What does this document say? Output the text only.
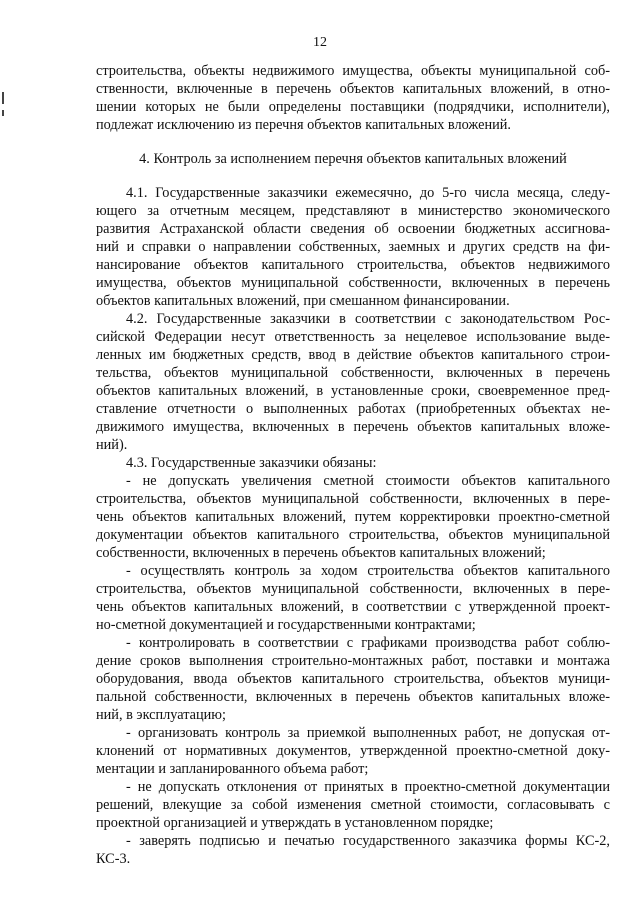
12
строительства, объекты недвижимого имущества, объекты муниципальной соб-
ственности, включенные в перечень объектов капитальных вложений, в отно-
шении которых не были определены поставщики (подрядчики, исполнители),
подлежат исключению из перечня объектов капитальных вложений.
4. Контроль за исполнением перечня объектов капитальных вложений
4.1. Государственные заказчики ежемесячно, до 5-го числа месяца, следу-
ющего за отчетным месяцем, представляют в министерство экономического
развития Астраханской области сведения об освоении бюджетных ассигнова-
ний и справки о направлении собственных, заемных и других средств на фи-
нансирование объектов капитального строительства, объектов недвижимого
имущества, объектов муниципальной собственности, включенных в перечень
объектов капитальных вложений, при смешанном финансировании.
4.2. Государственные заказчики в соответствии с законодательством Рос-
сийской Федерации несут ответственность за нецелевое использование выде-
ленных им бюджетных средств, ввод в действие объектов капитального строи-
тельства, объектов муниципальной собственности, включенных в перечень
объектов капитальных вложений, в установленные сроки, своевременное пред-
ставление отчетности о выполненных работах (приобретенных объектах не-
движимого имущества, включенных в перечень объектов капитальных вложе-
ний).
4.3. Государственные заказчики обязаны:
- не допускать увеличения сметной стоимости объектов капитального
строительства, объектов муниципальной собственности, включенных в пере-
чень объектов капитальных вложений, путем корректировки проектно-сметной
документации объектов капитального строительства, объектов муниципальной
собственности, включенных в перечень объектов капитальных вложений;
- осуществлять контроль за ходом строительства объектов капитального
строительства, объектов муниципальной собственности, включенных в пере-
чень объектов капитальных вложений, в соответствии с утвержденной проект-
но-сметной документацией и государственными контрактами;
- контролировать в соответствии с графиками производства работ соблю-
дение сроков выполнения строительно-монтажных работ, поставки и монтажа
оборудования, ввода объектов капитального строительства, объектов муници-
пальной собственности, включенных в перечень объектов капитальных вложе-
ний, в эксплуатацию;
- организовать контроль за приемкой выполненных работ, не допуская от-
клонений от нормативных документов, утвержденной проектно-сметной доку-
ментации и запланированного объема работ;
- не допускать отклонения от принятых в проектно-сметной документации
решений, влекущие за собой изменения сметной стоимости, согласовывать с
проектной организацией и утверждать в установленном порядке;
- заверять подписью и печатью государственного заказчика формы КС-2,
КС-3.
